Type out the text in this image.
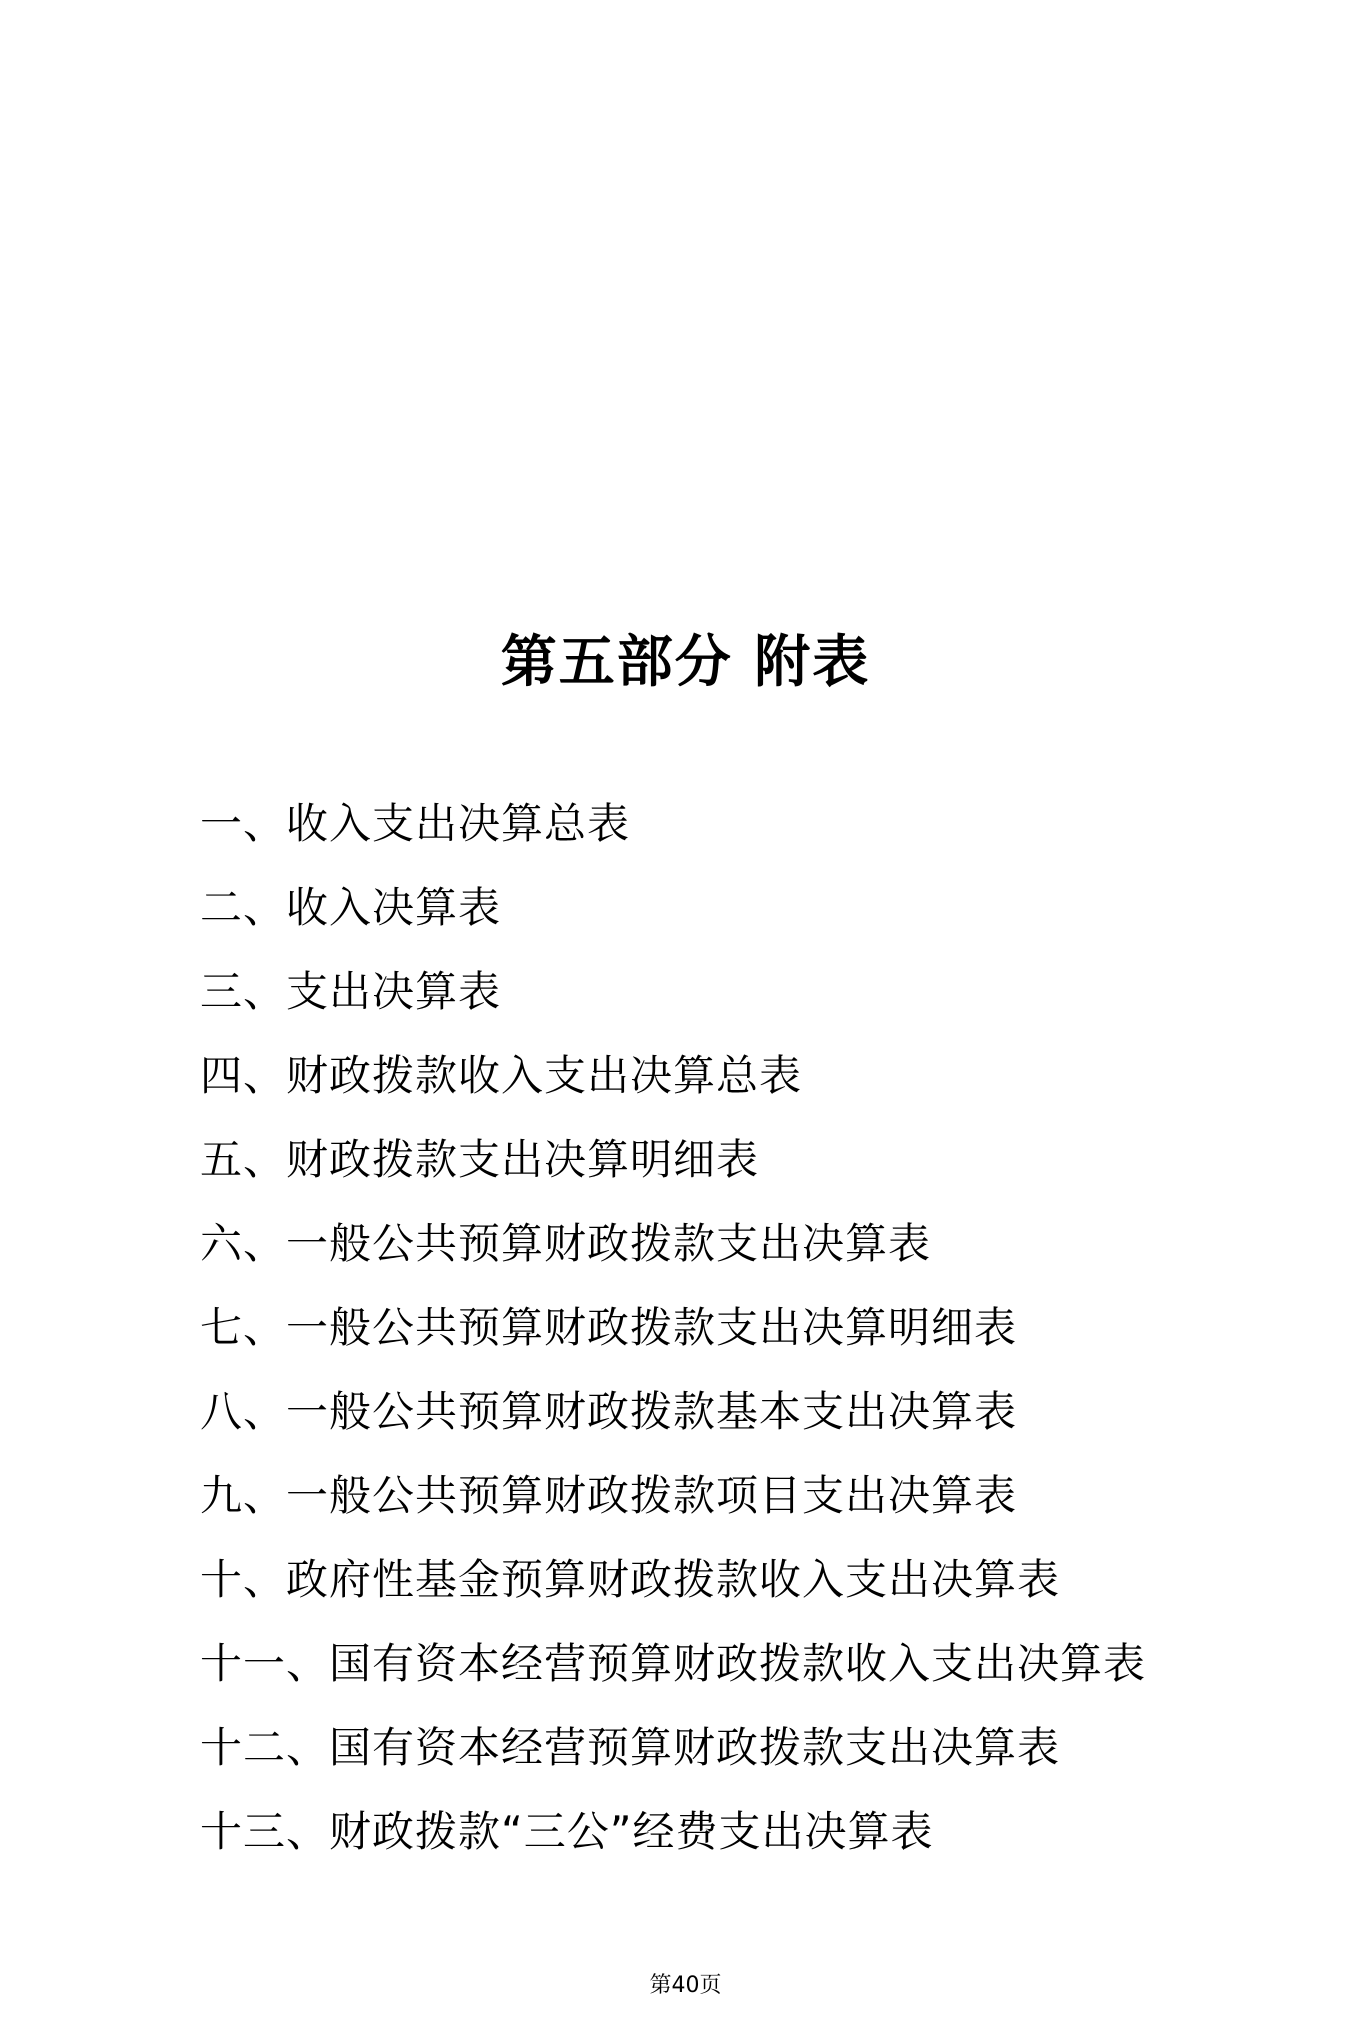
第五部分 附表
一、收入支出决算总表
二、收入决算表
三、支出决算表
四、财政拨款收入支出决算总表
五、财政拨款支出决算明细表
六、一般公共预算财政拨款支出决算表
七、一般公共预算财政拨款支出决算明细表
八、一般公共预算财政拨款基本支出决算表
九、一般公共预算财政拨款项目支出决算表
十、政府性基金预算财政拨款收入支出决算表
十一、国有资本经营预算财政拨款收入支出决算表
十二、国有资本经营预算财政拨款支出决算表
十三、财政拨款“三公”经费支出决算表
第40页
